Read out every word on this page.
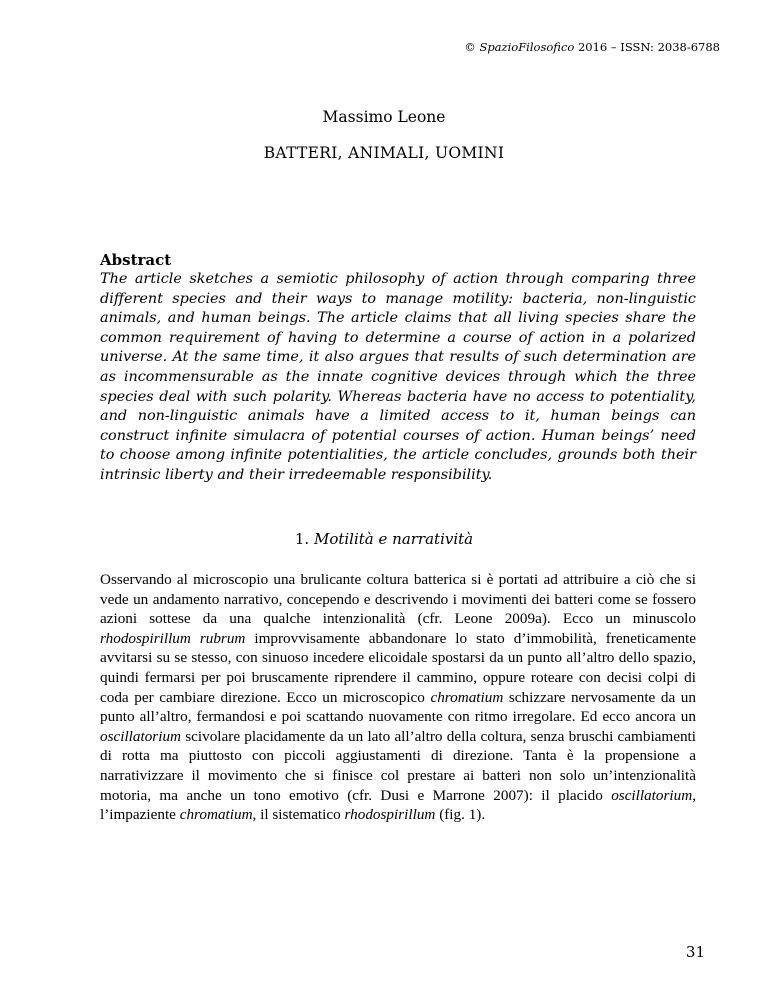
© SpazioFilosofico 2016 – ISSN: 2038-6788
Massimo Leone
BATTERI, ANIMALI, UOMINI
Abstract

The article sketches a semiotic philosophy of action through comparing three different species and their ways to manage motility: bacteria, non-linguistic animals, and human beings. The article claims that all living species share the common requirement of having to determine a course of action in a polarized universe. At the same time, it also argues that results of such determination are as incommensurable as the innate cognitive devices through which the three species deal with such polarity. Whereas bacteria have no access to potentiality, and non-linguistic animals have a limited access to it, human beings can construct infinite simulacra of potential courses of action. Human beings’ need to choose among infinite potentialities, the article concludes, grounds both their intrinsic liberty and their irredeemable responsibility.

1. Motilità e narratività

Osservando al microscopio una brulicante coltura batterica si è portati ad attribuire a ciò che si vede un andamento narrativo, concependo e descrivendo i movimenti dei batteri come se fossero azioni sottese da una qualche intenzionalità (cfr. Leone 2009a). Ecco un minuscolo rhodospirillum rubrum improvvisamente abbandonare lo stato d’immobilità, freneticamente avvitarsi su se stesso, con sinuoso incedere elicoidale spostarsi da un punto all’altro dello spazio, quindi fermarsi per poi bruscamente riprendere il cammino, oppure roteare con decisi colpi di coda per cambiare direzione. Ecco un microscopico chromatium schizzare nervosamente da un punto all’altro, fermandosi e poi scattando nuovamente con ritmo irregolare. Ed ecco ancora un oscillatorium scivolare placidamente da un lato all’altro della coltura, senza bruschi cambiamenti di rotta ma piuttosto con piccoli aggiustamenti di direzione. Tanta è la propensione a narrativizzare il movimento che si finisce col prestare ai batteri non solo un’intenzionalità motoria, ma anche un tono emotivo (cfr. Dusi e Marrone 2007): il placido oscillatorium, l’impaziente chromatium, il sistematico rhodospirillum (fig. 1).

31
